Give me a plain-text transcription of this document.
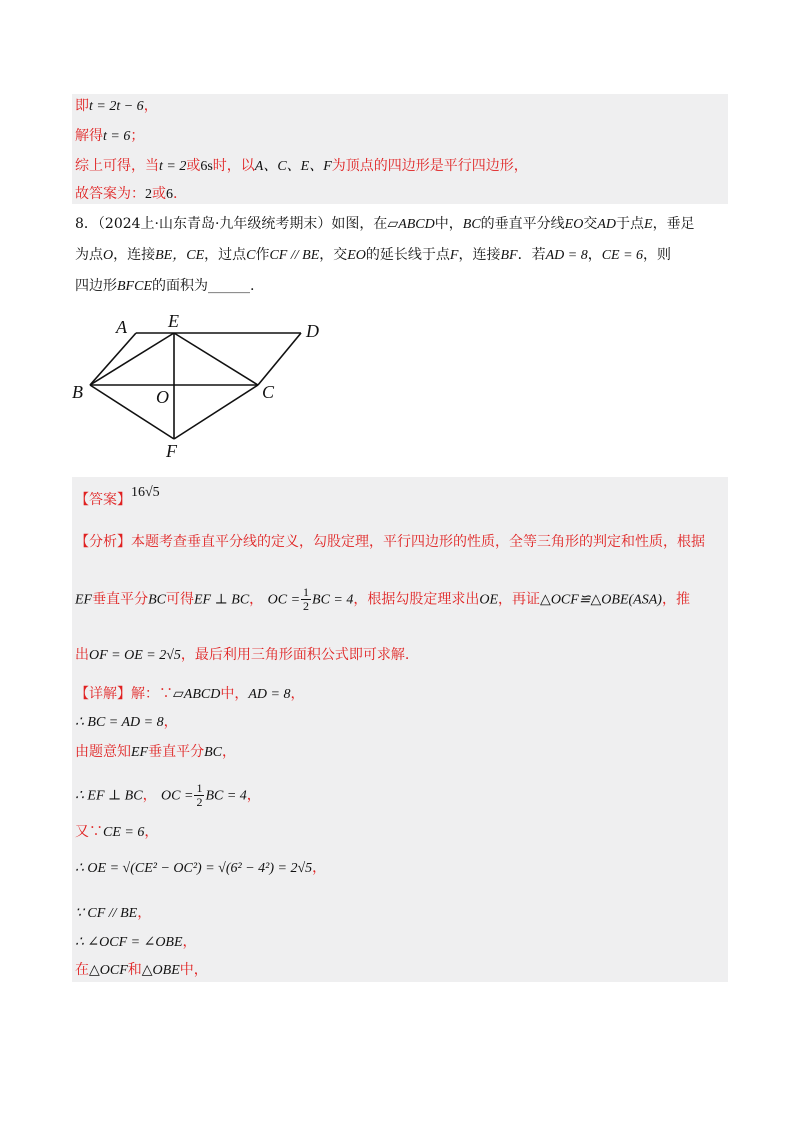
即t = 2t − 6，
解得t = 6；
综上可得，当t = 2或6s时，以A、C、E、F为顶点的四边形是平行四边形，
故答案为：2或6.
8．（2024上·山东青岛·九年级统考期末）如图，在▱ABCD中，BC的垂直平分线EO交AD于点E，垂足
为点O，连接BE，CE，过点C作CF // BE，交EO的延长线于点F，连接BF．若AD = 8，CE = 6，则
四边形BFCE的面积为______.
A E	D
B	O	C
F
【答案】16√5
【分析】本题考查垂直平分线的定义，勾股定理，平行四边形的性质，全等三角形的判定和性质，根据
EF垂直平分BC可得EF ⊥ BC， OC = $\frac{1}{2}$ BC = 4，根据勾股定理求出OE，再证△OCF≌△OBE(ASA)，推
出OF = OE = 2√5，最后利用三角形面积公式即可求解.
【详解】解：∵▱ABCD中，AD = 8，
∴ BC = AD = 8，
由题意知EF垂直平分BC，
∴ EF ⊥ BC， OC = $\frac{1}{2}$ BC = 4，
又∵CE = 6，
∴ OE = √(CE² − OC²) = √(6² − 4²) = 2√5，
∵ CF // BE，
∴ ∠OCF = ∠OBE，
在△OCF和△OBE中，
